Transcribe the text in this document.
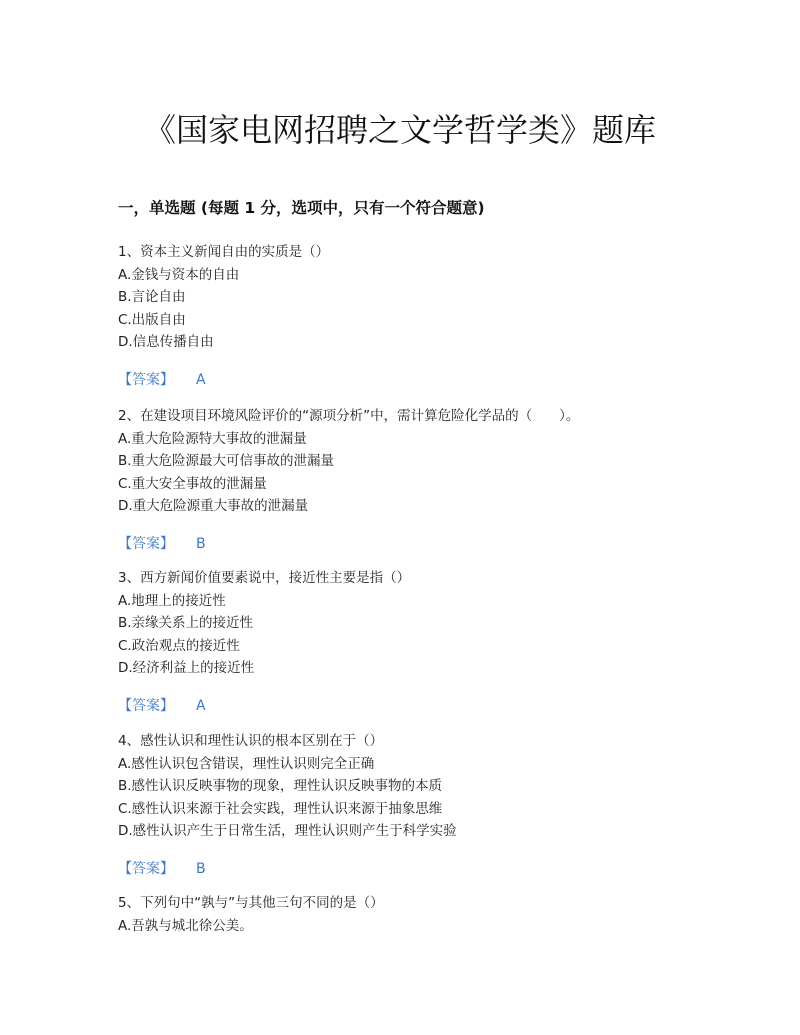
《国家电网招聘之文学哲学类》题库
一，单选题 (每题 1 分，选项中，只有一个符合题意)
1、资本主义新闻自由的实质是（）
A.金钱与资本的自由
B.言论自由
C.出版自由
D.信息传播自由
【答案】 A
2、在建设项目环境风险评价的“源项分析”中，需计算危险化学品的（　　）。
A.重大危险源特大事故的泄漏量
B.重大危险源最大可信事故的泄漏量
C.重大安全事故的泄漏量
D.重大危险源重大事故的泄漏量
【答案】 B
3、西方新闻价值要素说中，接近性主要是指（）
A.地理上的接近性
B.亲缘关系上的接近性
C.政治观点的接近性
D.经济利益上的接近性
【答案】 A
4、感性认识和理性认识的根本区别在于（）
A.感性认识包含错误，理性认识则完全正确
B.感性认识反映事物的现象，理性认识反映事物的本质
C.感性认识来源于社会实践，理性认识来源于抽象思维
D.感性认识产生于日常生活，理性认识则产生于科学实验
【答案】 B
5、下列句中“孰与”与其他三句不同的是（）
A.吾孰与城北徐公美。
